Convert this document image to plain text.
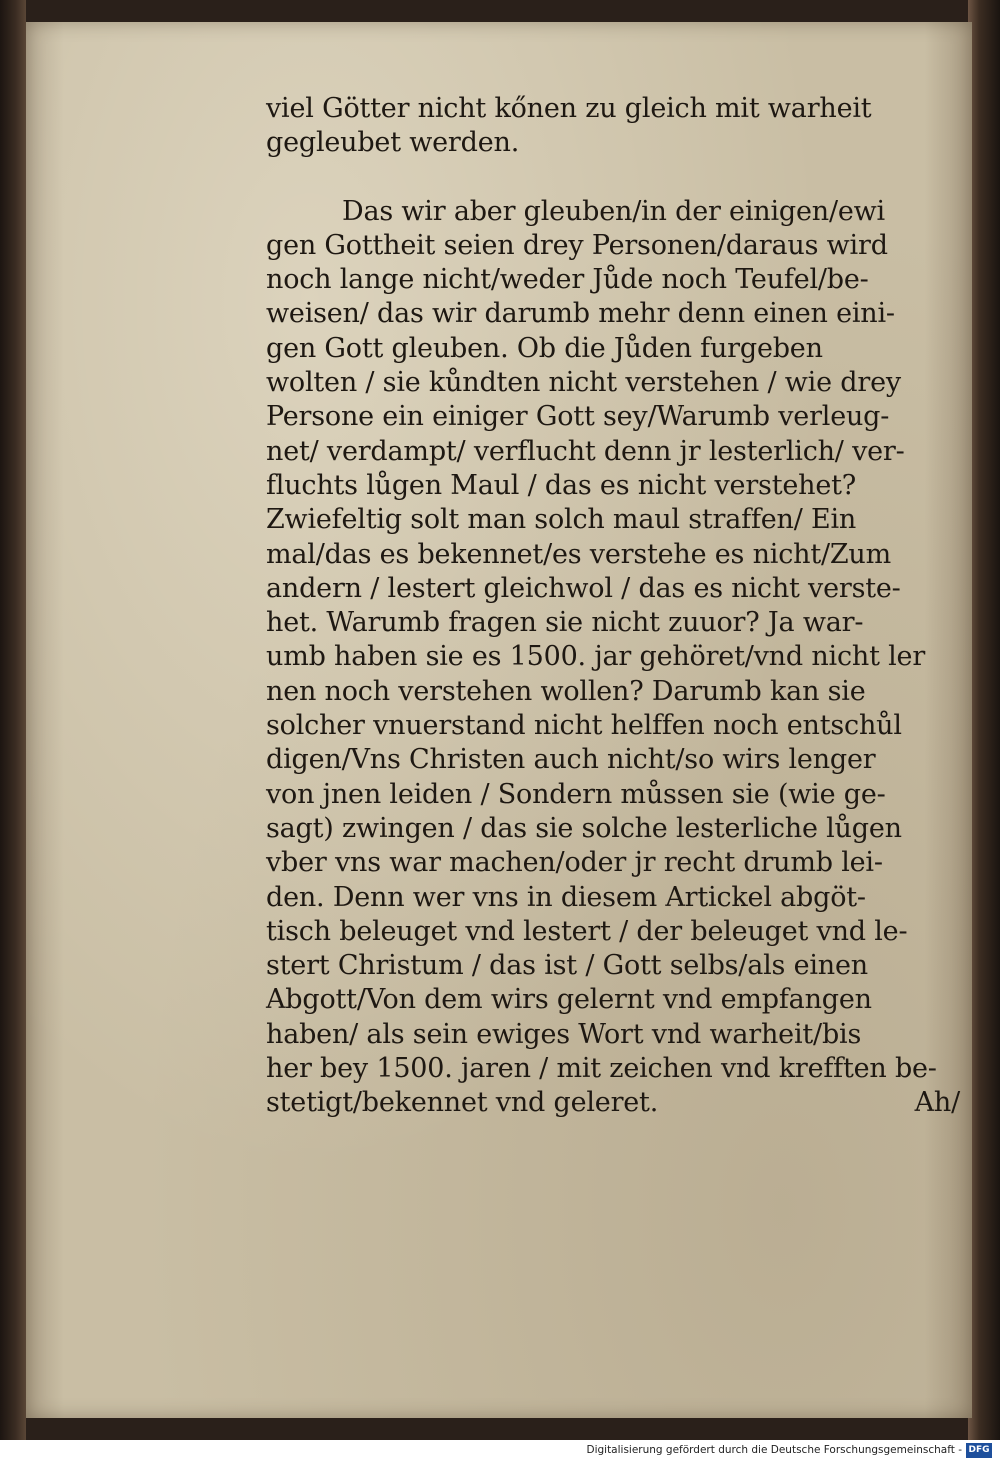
viel Götter nicht kőnen zu gleich mit warheit
gegleubet werden.
Das wir aber gleuben/in der einigen/ewi
gen Gottheit seien drey Personen/daraus wird
noch lange nicht/weder Jůde noch Teufel/be-
weisen/ das wir darumb mehr denn einen eini-
gen Gott gleuben. Ob die Jůden furgeben
wolten / sie kůndten nicht verstehen / wie drey
Persone ein einiger Gott sey/Warumb verleug-
net/ verdampt/ verflucht denn jr lesterlich/ ver-
fluchts lůgen Maul / das es nicht verstehet?
Zwiefeltig solt man solch maul straffen/ Ein
mal/das es bekennet/es verstehe es nicht/Zum
andern / lestert gleichwol / das es nicht verste-
het. Warumb fragen sie nicht zuuor? Ja war-
umb haben sie es 1500. jar gehöret/vnd nicht ler
nen noch verstehen wollen? Darumb kan sie
solcher vnuerstand nicht helffen noch entschůl
digen/Vns Christen auch nicht/so wirs lenger
von jnen leiden / Sondern můssen sie (wie ge-
sagt) zwingen / das sie solche lesterliche lůgen
vber vns war machen/oder jr recht drumb lei-
den. Denn wer vns in diesem Artickel abgöt-
tisch beleuget vnd lestert / der beleuget vnd le-
stert Christum / das ist / Gott selbs/als einen
Abgott/Von dem wirs gelernt vnd empfangen
haben/ als sein ewiges Wort vnd warheit/bis
her bey 1500. jaren / mit zeichen vnd krefften be-
stetigt/bekennet vnd geleret.	Ah/
Digitalisierung gefördert durch die Deutsche Forschungsgemeinschaft - DFG
